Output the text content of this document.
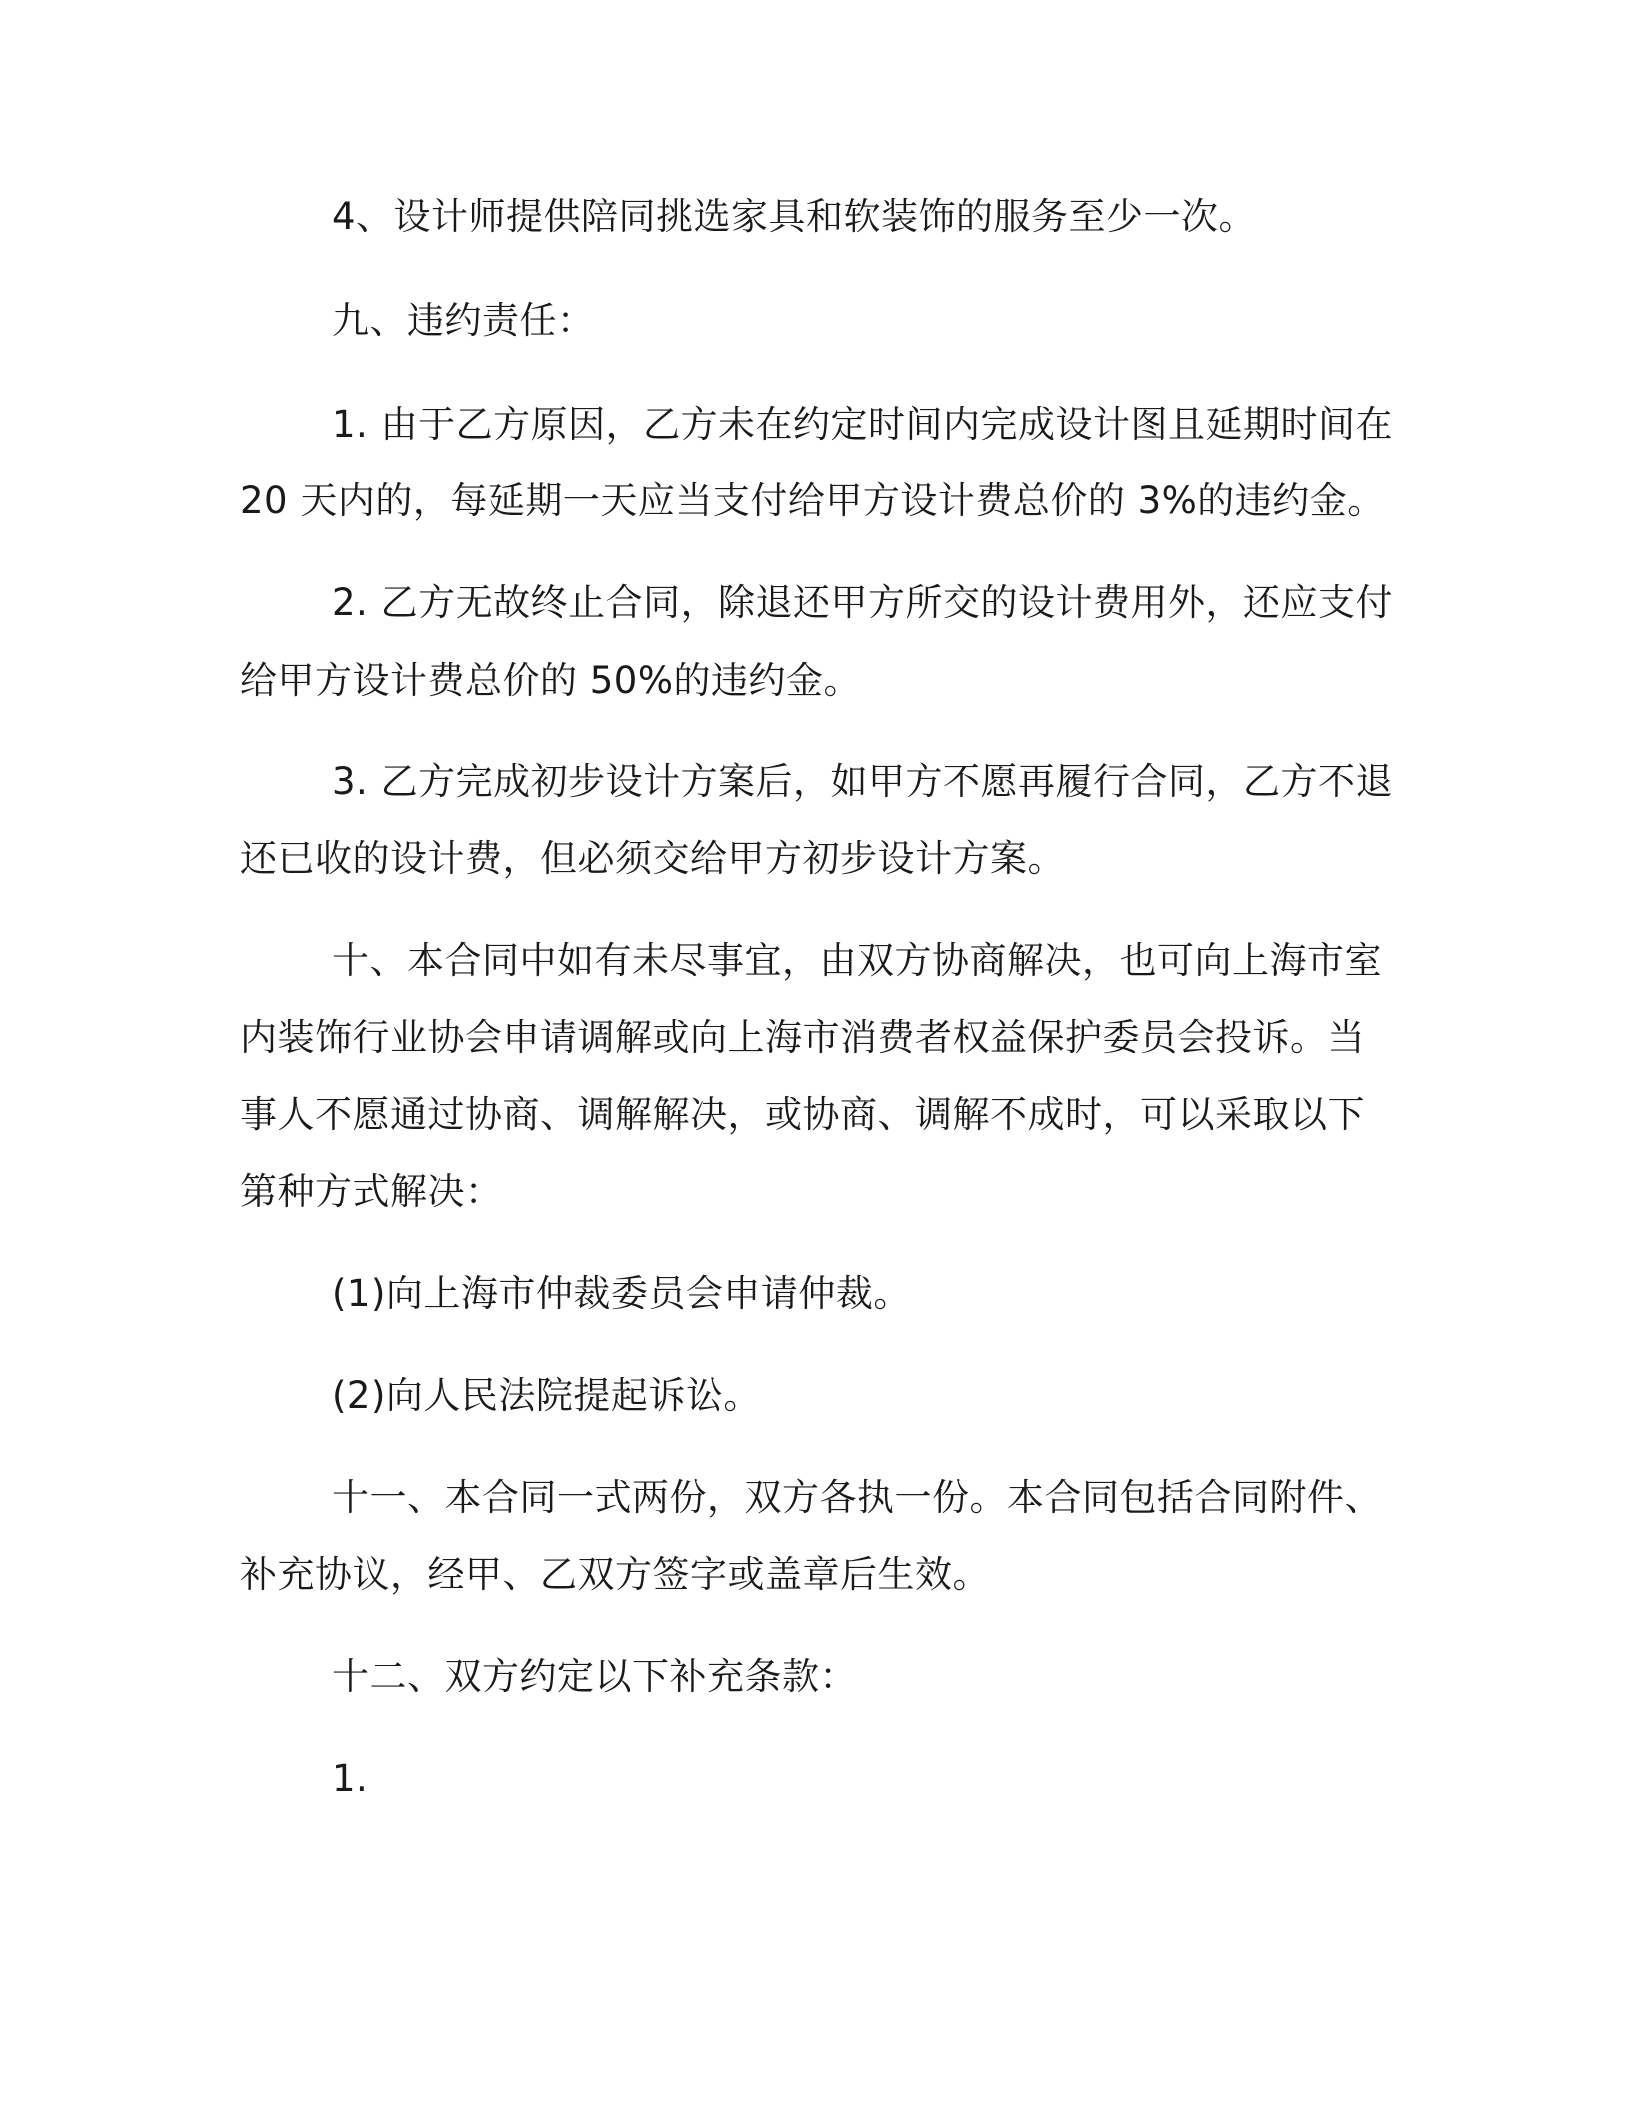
4、设计师提供陪同挑选家具和软装饰的服务至少一次。
九、违约责任：
1. 由于乙方原因，乙方未在约定时间内完成设计图且延期时间在
20 天内的，每延期一天应当支付给甲方设计费总价的 3%的违约金。
2. 乙方无故终止合同，除退还甲方所交的设计费用外，还应支付
给甲方设计费总价的 50%的违约金。
3. 乙方完成初步设计方案后，如甲方不愿再履行合同，乙方不退
还已收的设计费，但必须交给甲方初步设计方案。
十、本合同中如有未尽事宜，由双方协商解决，也可向上海市室
内装饰行业协会申请调解或向上海市消费者权益保护委员会投诉。当
事人不愿通过协商、调解解决，或协商、调解不成时，可以采取以下
第种方式解决：
(1)向上海市仲裁委员会申请仲裁。
(2)向人民法院提起诉讼。
十一、本合同一式两份，双方各执一份。本合同包括合同附件、
补充协议，经甲、乙双方签字或盖章后生效。
十二、双方约定以下补充条款：
1.
